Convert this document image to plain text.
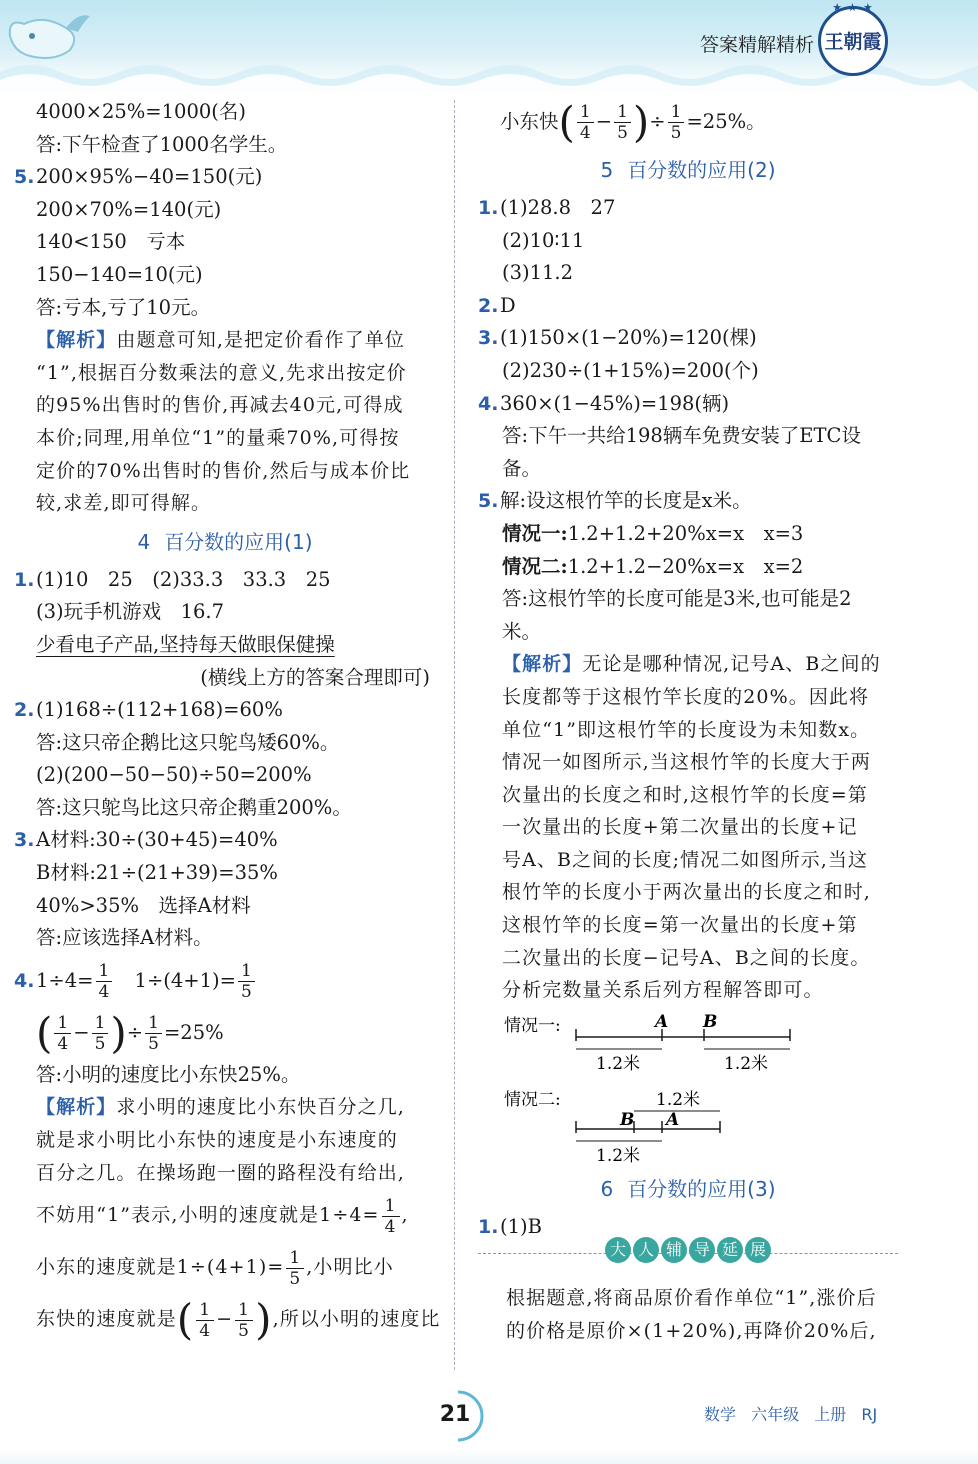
答案精解精析
★ ★ ★
王朝霞
4000×25%=1000(名)
答:下午检查了1000名学生。
5.200×95%−40=150(元)
200×70%=140(元)
140<150　亏本
150−140=10(元)
答:亏本,亏了10元。
【解析】由题意可知,是把定价看作了单位
“1”,根据百分数乘法的意义,先求出按定价
的95%出售时的售价,再减去40元,可得成
本价;同理,用单位“1”的量乘70%,可得按
定价的70%出售时的售价,然后与成本价比
较,求差,即可得解。
4 百分数的应用(1)
1.(1)10　25　(2)33.3　33.3　25
(3)玩手机游戏　16.7
少看电子产品,坚持每天做眼保健操
(横线上方的答案合理即可)
2.(1)168÷(112+168)=60%
答:这只帝企鹅比这只鸵鸟矮60%。
(2)(200−50−50)÷50=200%
答:这只鸵鸟比这只帝企鹅重200%。
3.A材料:30÷(30+45)=40%
B材料:21÷(21+39)=35%
40%>35%　选择A材料
答:应该选择A材料。
$4.1\div 4= \frac{1}{4} 1\div(4+1)= \frac{1}{5}$
( $\frac{1}{4} - \frac{1}{5}$ )÷ $\frac{1}{5} =25\%$
答:小明的速度比小东快25%。
【解析】求小明的速度比小东快百分之几,
就是求小明比小东快的速度是小东速度的
百分之几。在操场跑一圈的路程没有给出,
不妨用“1”表示,小明的速度就是$1\div 4= \frac{1}{4}$ ,
小东的速度就是$1\div(4+1)= \frac{1}{5}$ ,小明比小
东快的速度就是( $\frac{1}{4} - \frac{1}{5}$ ),所以小明的速度比
小东快( $\frac{1}{4} - \frac{1}{5}$ )÷ $\frac{1}{5} =25\%$。
5 百分数的应用(2)
1.(1)28.8　27
(2)10∶11
(3)11.2
2.D
3.(1)150×(1−20%)=120(棵)
(2)230÷(1+15%)=200(个)
4.360×(1−45%)=198(辆)
答:下午一共给198辆车免费安装了ETC设
备。
5.解:设这根竹竿的长度是x米。
情况一:1.2+1.2+20%x=x　x=3
情况二:1.2+1.2−20%x=x　x=2
答:这根竹竿的长度可能是3米,也可能是2
米。
【解析】无论是哪种情况,记号A、B之间的
长度都等于这根竹竿长度的20%。因此将
单位“1”即这根竹竿的长度设为未知数x。
情况一如图所示,当这根竹竿的长度大于两
次量出的长度之和时,这根竹竿的长度=第
一次量出的长度+第二次量出的长度+记
号A、B之间的长度;情况二如图所示,当这
根竹竿的长度小于两次量出的长度之和时,
这根竹竿的长度=第一次量出的长度+第
二次量出的长度−记号A、B之间的长度。
分析完数量关系后列方程解答即可。
情况一:	A B
1.2米	1.2米
情况二:	1.2米
B A
1.2米
6 百分数的应用(3)
1.(1)B
大 人 辅 导 延 展
根据题意,将商品原价看作单位“1”,涨价后
的价格是原价×(1+20%),再降价20%后,
21	数学 六年级 上册 RJ
